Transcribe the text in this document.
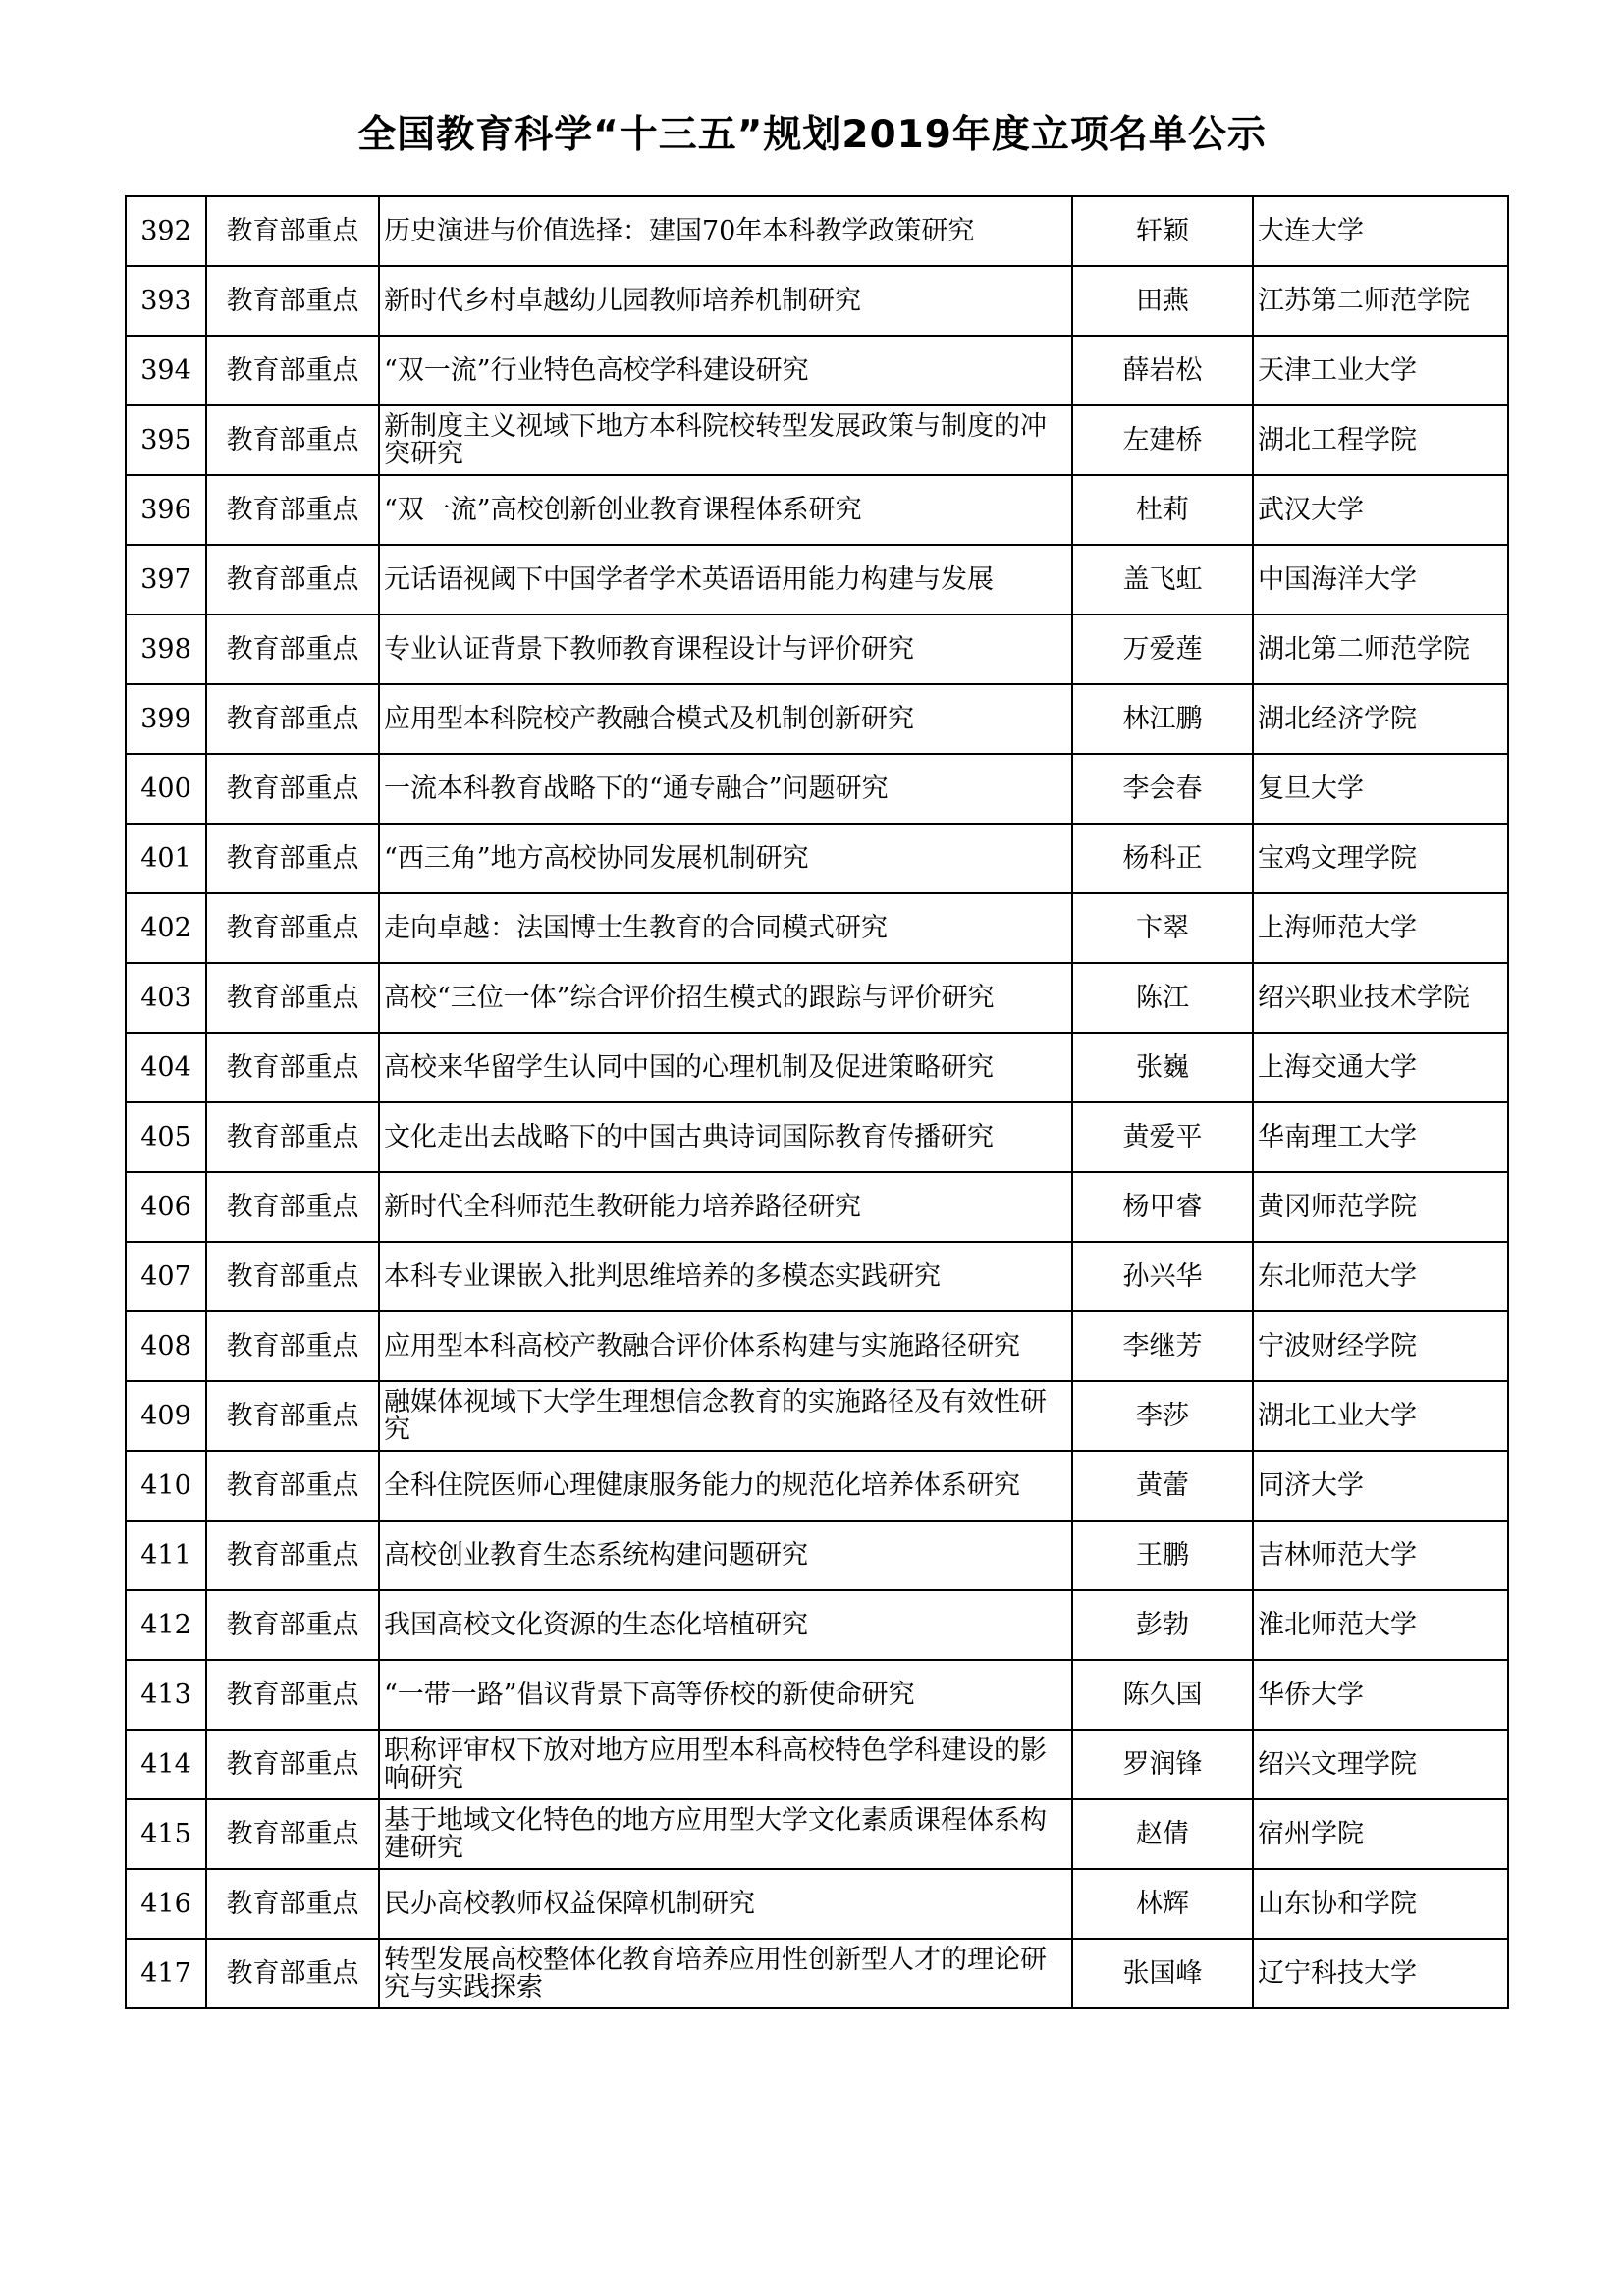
全国教育科学“十三五”规划2019年度立项名单公示
392	教育部重点	历史演进与价值选择：建国70年本科教学政策研究	轩颖	大连大学
393	教育部重点	新时代乡村卓越幼儿园教师培养机制研究	田燕	江苏第二师范学院
394	教育部重点	“双一流”行业特色高校学科建设研究	薛岩松	天津工业大学
395	教育部重点	新制度主义视域下地方本科院校转型发展政策与制度的冲突研究	左建桥	湖北工程学院
396	教育部重点	“双一流”高校创新创业教育课程体系研究	杜莉	武汉大学
397	教育部重点	元话语视阈下中国学者学术英语语用能力构建与发展	盖飞虹	中国海洋大学
398	教育部重点	专业认证背景下教师教育课程设计与评价研究	万爱莲	湖北第二师范学院
399	教育部重点	应用型本科院校产教融合模式及机制创新研究	林江鹏	湖北经济学院
400	教育部重点	一流本科教育战略下的“通专融合”问题研究	李会春	复旦大学
401	教育部重点	“西三角”地方高校协同发展机制研究	杨科正	宝鸡文理学院
402	教育部重点	走向卓越：法国博士生教育的合同模式研究	卞翠	上海师范大学
403	教育部重点	高校“三位一体”综合评价招生模式的跟踪与评价研究	陈江	绍兴职业技术学院
404	教育部重点	高校来华留学生认同中国的心理机制及促进策略研究	张巍	上海交通大学
405	教育部重点	文化走出去战略下的中国古典诗词国际教育传播研究	黄爱平	华南理工大学
406	教育部重点	新时代全科师范生教研能力培养路径研究	杨甲睿	黄冈师范学院
407	教育部重点	本科专业课嵌入批判思维培养的多模态实践研究	孙兴华	东北师范大学
408	教育部重点	应用型本科高校产教融合评价体系构建与实施路径研究	李继芳	宁波财经学院
409	教育部重点	融媒体视域下大学生理想信念教育的实施路径及有效性研究	李莎	湖北工业大学
410	教育部重点	全科住院医师心理健康服务能力的规范化培养体系研究	黄蕾	同济大学
411	教育部重点	高校创业教育生态系统构建问题研究	王鹏	吉林师范大学
412	教育部重点	我国高校文化资源的生态化培植研究	彭勃	淮北师范大学
413	教育部重点	“一带一路”倡议背景下高等侨校的新使命研究	陈久国	华侨大学
414	教育部重点	职称评审权下放对地方应用型本科高校特色学科建设的影响研究	罗润锋	绍兴文理学院
415	教育部重点	基于地域文化特色的地方应用型大学文化素质课程体系构建研究	赵倩	宿州学院
416	教育部重点	民办高校教师权益保障机制研究	林辉	山东协和学院
417	教育部重点	转型发展高校整体化教育培养应用性创新型人才的理论研究与实践探索	张国峰	辽宁科技大学
